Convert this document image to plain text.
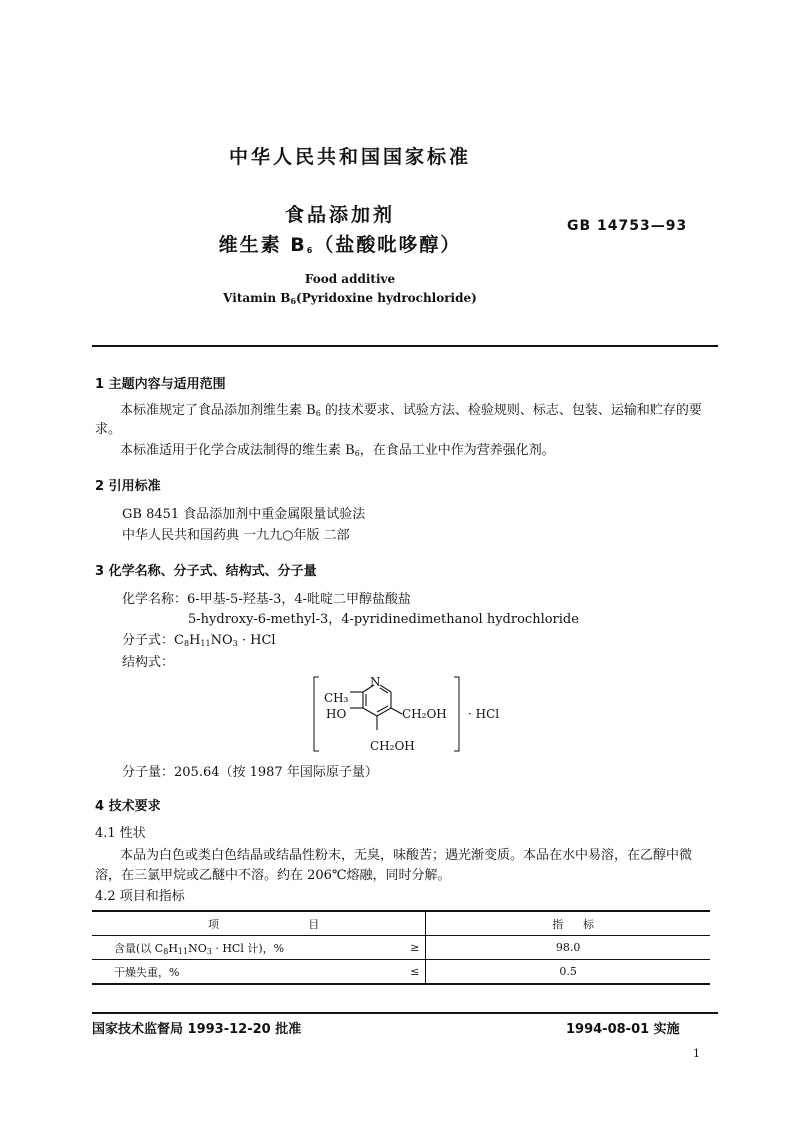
中华人民共和国国家标准
食品添加剂
维生素 $B_6$（盐酸吡哆醇）
GB 14753—93
Food additive
Vitamin $B_6(Pyridoxine$ hydrochloride)
1 主题内容与适用范围
本标准规定了食品添加剂维生素 $B_6$ 的技术要求、试验方法、检验规则、标志、包装、运输和贮存的要
求。
本标准适用于化学合成法制得的维生素 $B_6$，在食品工业中作为营养强化剂。
2 引用标准
GB 8451 食品添加剂中重金属限量试验法
中华人民共和国药典 一九九○年版 二部
3 化学名称、分子式、结构式、分子量
化学名称：6-甲基-5-羟基-3，4-吡啶二甲醇盐酸盐
5-hydroxy-6-methyl-3，4-pyridinedimethanol hydrochloride
分子式：$C_8H_{11}NO_3$ · HCl
结构式：
N
CH₃
HO	CH₂OH
CH₂OH
· HCl
分子量：205.64（按 1987 年国际原子量）
4 技术要求
4.1 性状
本品为白色或类白色结晶或结晶性粉末，无臭，味酸苦；遇光渐变质。本品在水中易溶，在乙醇中微
溶，在三氯甲烷或乙醚中不溶。约在 206℃熔融，同时分解。
4.2 项目和指标
项 目		指 标

含量(以 $C_8H_{11}NO_3$ · HCl 计)，%	≥	98.0
干燥失重，%	≤	0.5
国家技术监督局 1993-12-20 批准	1994-08-01 实施
1
